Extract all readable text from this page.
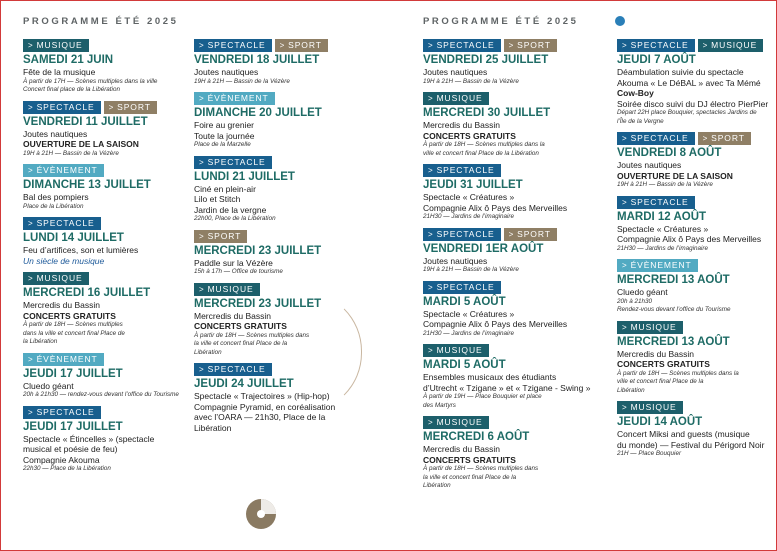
PROGRAMME ÉTÉ 2025	PROGRAMME ÉTÉ 2025
> MUSIQUE
SAMEDI 21 JUIN
Fête de la musique
À partir de 17H — Scènes multiples dans la ville
Concert final place de la Libération
> SPECTACLE > SPORT
VENDREDI 11 JUILLET
Joutes nautiques
OUVERTURE DE LA SAISON
19H à 21H — Bassin de la Vézère
> ÉVÈNEMENT
DIMANCHE 13 JUILLET
Bal des pompiers
Place de la Libération
> SPECTACLE
LUNDI 14 JUILLET
Feu d’artifices, son et lumières
Un siècle de musique
> MUSIQUE
MERCREDI 16 JUILLET
Mercredis du Bassin
CONCERTS GRATUITS
À partir de 18H — Scènes multiples
dans la ville et concert final Place de
la Libération
> ÉVÈNEMENT
JEUDI 17 JUILLET
Cluedo géant
20h à 21h30 — rendez-vous devant l’office du Tourisme
> SPECTACLE
JEUDI 17 JUILLET
Spectacle « Étincelles » (spectacle
musical et poésie de feu)
Compagnie Akouma
22h30 — Place de la Libération
> SPECTACLE > SPORT
VENDREDI 18 JUILLET
Joutes nautiques
19H à 21H — Bassin de la Vézère
> ÉVÈNEMENT
DIMANCHE 20 JUILLET
Foire au grenier
Toute la journée
Place de la Marzelle
> SPECTACLE
LUNDI 21 JUILLET
Ciné en plein-air
Lilo et Stitch
Jardin de la vergne
22h00, Place de la Libération
> SPORT
MERCREDI 23 JUILLET
Paddle sur la Vézère
15h à 17h — Office de tourisme
> MUSIQUE
MERCREDI 23 JUILLET
Mercredis du Bassin
CONCERTS GRATUITS
À partir de 18H — Scènes multiples dans
la ville et concert final Place de la
Libération
> SPECTACLE
JEUDI 24 JUILLET
Spectacle « Trajectoires » (Hip-hop)
Compagnie Pyramid, en coréalisation
avec l’OARA — 21h30, Place de la Libération
> SPECTACLE > SPORT
VENDREDI 25 JUILLET
Joutes nautiques
19H à 21H — Bassin de la Vézère
> MUSIQUE
MERCREDI 30 JUILLET
Mercredis du Bassin
CONCERTS GRATUITS
À partir de 18H — Scènes multiples dans la
ville et concert final Place de la Libération
> SPECTACLE
JEUDI 31 JUILLET
Spectacle « Créatures »
Compagnie Alix ô Pays des Merveilles
21H30 — Jardins de l’imaginaire
> SPECTACLE > SPORT
VENDREDI 1ER AOÛT
Joutes nautiques
19H à 21H — Bassin de la Vézère
> SPECTACLE
MARDI 5 AOÛT
Spectacle « Créatures »
Compagnie Alix ô Pays des Merveilles
21H30 — Jardins de l’imaginaire
> MUSIQUE
MARDI 5 AOÛT
Ensembles musicaux des étudiants
d’Utrecht « Tzigane » et « Tzigane - Swing »
À partir de 19H — Place Bouquier et place
des Martyrs
> MUSIQUE
MERCREDI 6 AOÛT
Mercredis du Bassin
CONCERTS GRATUITS
À partir de 18H — Scènes multiples dans
la ville et concert final Place de la
Libération
> SPECTACLE > MUSIQUE
JEUDI 7 AOÛT
Déambulation suivie du spectacle
Akouma « Le DéBAL » avec Ta Mémé
Cow-Boy
Soirée disco suivi du DJ électro PierPier
Départ 22H place Bouquier, spectacles Jardins de
l’Île de la Vergne
> SPECTACLE > SPORT
VENDREDI 8 AOÛT
Joutes nautiques
OUVERTURE DE LA SAISON
19H à 21H — Bassin de la Vézère
> SPECTACLE
MARDI 12 AOÛT
Spectacle « Créatures »
Compagnie Alix ô Pays des Merveilles
21H30 — Jardins de l’imaginaire
> ÉVÈNEMENT
MERCREDI 13 AOÛT
Cluedo géant
20h à 21h30
Rendez-vous devant l’office du Tourisme
> MUSIQUE
MERCREDI 13 AOÛT
Mercredis du Bassin
CONCERTS GRATUITS
À partir de 18H — Scènes multiples dans la
ville et concert final Place de la
Libération
> MUSIQUE
JEUDI 14 AOÛT
Concert Miksi and guests (musique
du monde) — Festival du Périgord Noir
21H — Place Bouquier
